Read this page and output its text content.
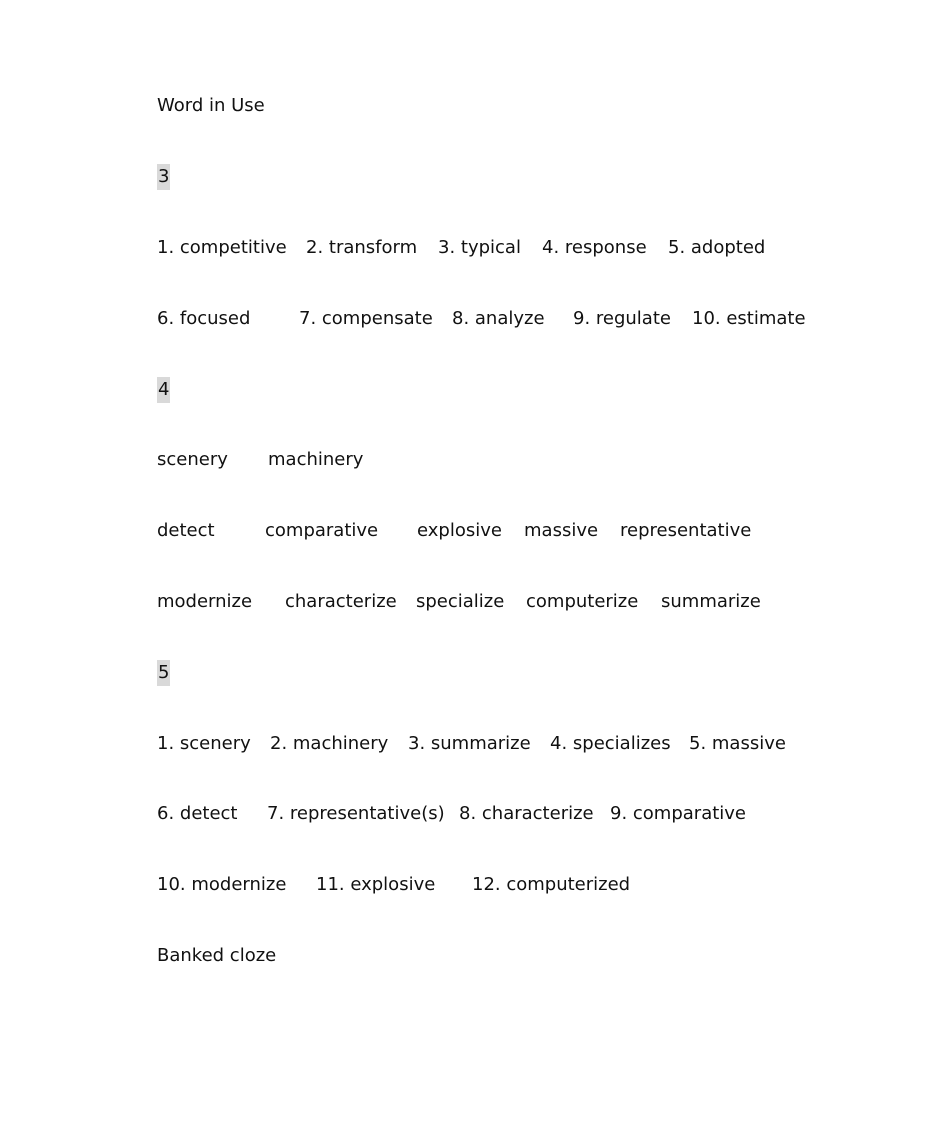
Word in Use
3
1. competitive 2. transform 3. typical 4. response 5. adopted
6. focused	7. compensate 8. analyze 9. regulate 10. estimate
4
scenery machinery
detect	comparative explosive massive representative
modernize characterize specialize computerize summarize
5
1. scenery 2. machinery 3. summarize 4. specializes 5. massive
6. detect 7. representative(s) 8. characterize 9. comparative
10. modernize 11. explosive 12. computerized
Banked cloze
